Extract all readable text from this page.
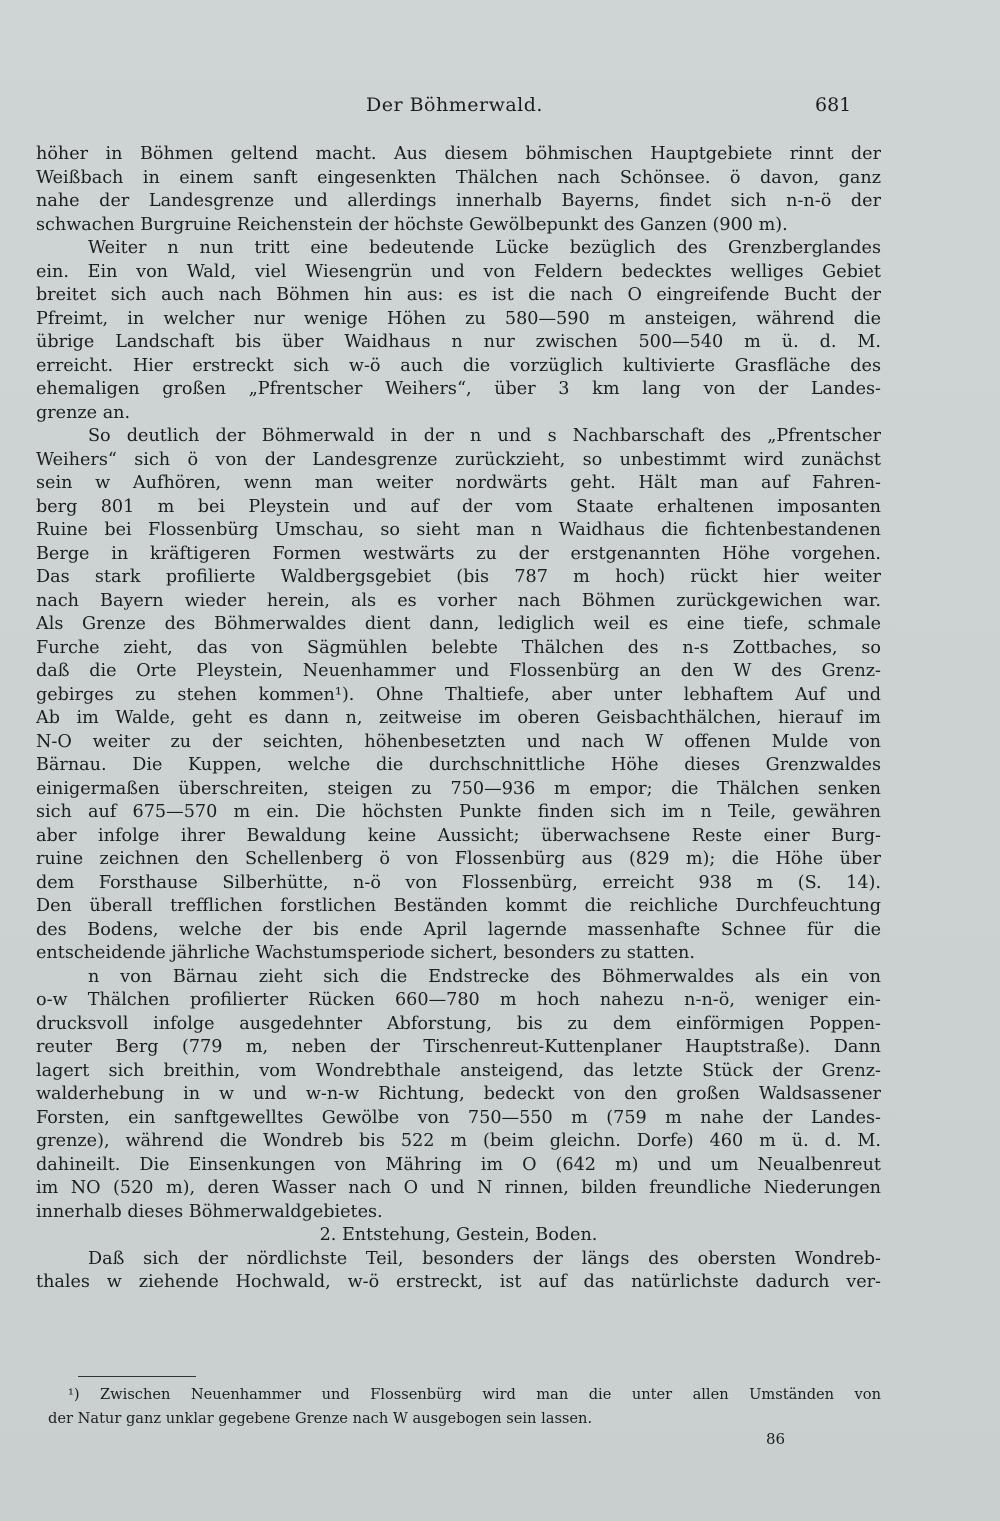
Der Böhmerwald.	681
höher in Böhmen geltend macht. Aus diesem böhmischen Hauptgebiete rinnt der
Weißbach in einem sanft eingesenkten Thälchen nach Schönsee. ö davon, ganz
nahe der Landesgrenze und allerdings innerhalb Bayerns, findet sich n-n-ö der
schwachen Burgruine Reichenstein der höchste Gewölbepunkt des Ganzen (900 m).
Weiter n nun tritt eine bedeutende Lücke bezüglich des Grenzberglandes
ein. Ein von Wald, viel Wiesengrün und von Feldern bedecktes welliges Gebiet
breitet sich auch nach Böhmen hin aus: es ist die nach O eingreifende Bucht der
Pfreimt, in welcher nur wenige Höhen zu 580—590 m ansteigen, während die
übrige Landschaft bis über Waidhaus n nur zwischen 500—540 m ü. d. M.
erreicht. Hier erstreckt sich w-ö auch die vorzüglich kultivierte Grasfläche des
ehemaligen großen „Pfrentscher Weihers“, über 3 km lang von der Landes-
grenze an.
So deutlich der Böhmerwald in der n und s Nachbarschaft des „Pfrentscher
Weihers“ sich ö von der Landesgrenze zurückzieht, so unbestimmt wird zunächst
sein w Aufhören, wenn man weiter nordwärts geht. Hält man auf Fahren-
berg 801 m bei Pleystein und auf der vom Staate erhaltenen imposanten
Ruine bei Flossenbürg Umschau, so sieht man n Waidhaus die fichtenbestandenen
Berge in kräftigeren Formen westwärts zu der erstgenannten Höhe vorgehen.
Das stark profilierte Waldbergsgebiet (bis 787 m hoch) rückt hier weiter
nach Bayern wieder herein, als es vorher nach Böhmen zurückgewichen war.
Als Grenze des Böhmerwaldes dient dann, lediglich weil es eine tiefe, schmale
Furche zieht, das von Sägmühlen belebte Thälchen des n-s Zottbaches, so
daß die Orte Pleystein, Neuenhammer und Flossenbürg an den W des Grenz-
gebirges zu stehen kommen¹). Ohne Thaltiefe, aber unter lebhaftem Auf und
Ab im Walde, geht es dann n, zeitweise im oberen Geisbachthälchen, hierauf im
N-O weiter zu der seichten, höhenbesetzten und nach W offenen Mulde von
Bärnau. Die Kuppen, welche die durchschnittliche Höhe dieses Grenzwaldes
einigermaßen überschreiten, steigen zu 750—936 m empor; die Thälchen senken
sich auf 675—570 m ein. Die höchsten Punkte finden sich im n Teile, gewähren
aber infolge ihrer Bewaldung keine Aussicht; überwachsene Reste einer Burg-
ruine zeichnen den Schellenberg ö von Flossenbürg aus (829 m); die Höhe über
dem Forsthause Silberhütte, n-ö von Flossenbürg, erreicht 938 m (S. 14).
Den überall trefflichen forstlichen Beständen kommt die reichliche Durchfeuchtung
des Bodens, welche der bis ende April lagernde massenhafte Schnee für die
entscheidende jährliche Wachstumsperiode sichert, besonders zu statten.
n von Bärnau zieht sich die Endstrecke des Böhmerwaldes als ein von
o-w Thälchen profilierter Rücken 660—780 m hoch nahezu n-n-ö, weniger ein-
drucksvoll infolge ausgedehnter Abforstung, bis zu dem einförmigen Poppen-
reuter Berg (779 m, neben der Tirschenreut-Kuttenplaner Hauptstraße). Dann
lagert sich breithin, vom Wondrebthale ansteigend, das letzte Stück der Grenz-
walderhebung in w und w-n-w Richtung, bedeckt von den großen Waldsassener
Forsten, ein sanftgewelltes Gewölbe von 750—550 m (759 m nahe der Landes-
grenze), während die Wondreb bis 522 m (beim gleichn. Dorfe) 460 m ü. d. M.
dahineilt. Die Einsenkungen von Mähring im O (642 m) und um Neualbenreut
im NO (520 m), deren Wasser nach O und N rinnen, bilden freundliche Niederungen
innerhalb dieses Böhmerwaldgebietes.
2. Entstehung, Gestein, Boden.
Daß sich der nördlichste Teil, besonders der längs des obersten Wondreb-
thales w ziehende Hochwald, w-ö erstreckt, ist auf das natürlichste dadurch ver-
¹) Zwischen Neuenhammer und Flossenbürg wird man die unter allen Umständen von
der Natur ganz unklar gegebene Grenze nach W ausgebogen sein lassen.
86
